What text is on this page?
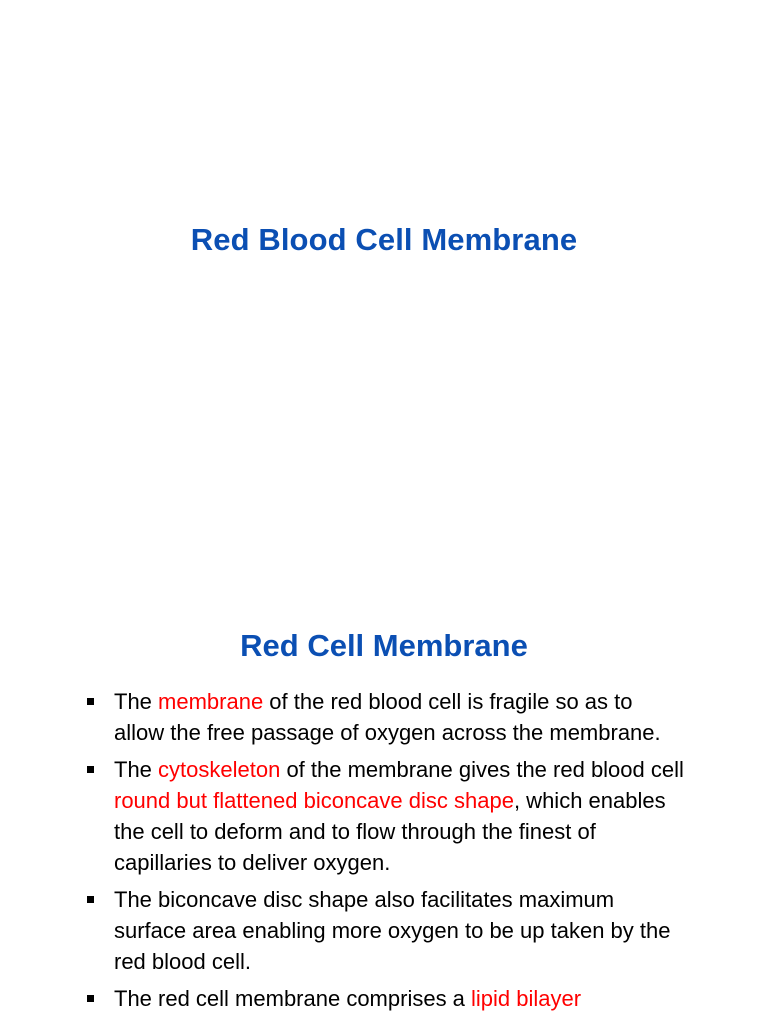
Red Blood Cell Membrane
Red Cell Membrane
The membrane of the red blood cell is fragile so as to allow the free passage of oxygen across the membrane.
The cytoskeleton of the membrane gives the red blood cell round but flattened biconcave disc shape, which enables the cell to deform and to flow through the finest of capillaries to deliver oxygen.
The biconcave disc shape also facilitates maximum surface area enabling more oxygen to be up taken by the red blood cell.
The red cell membrane comprises a lipid bilayer
